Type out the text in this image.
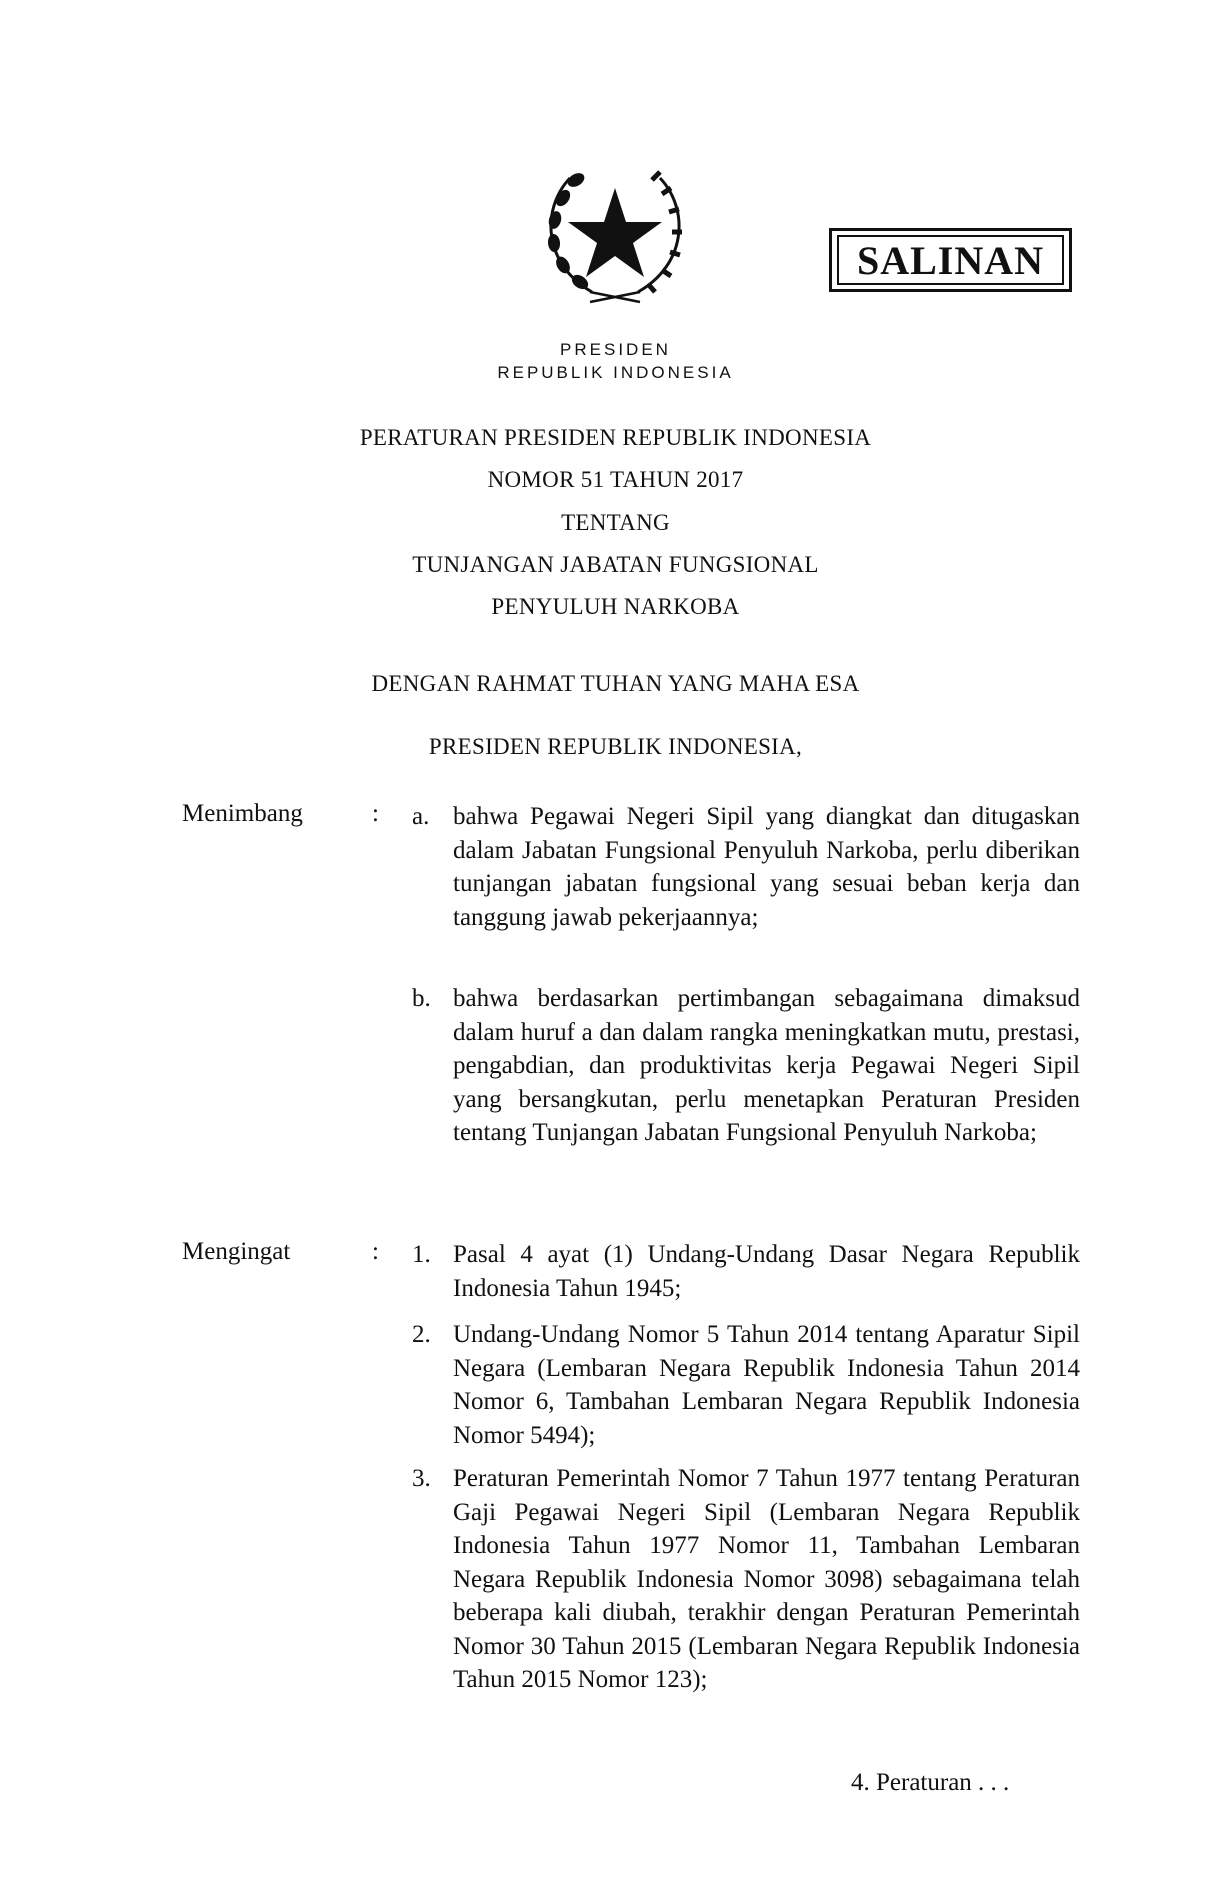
PRESIDEN
REPUBLIK INDONESIA
SALINAN
PERATURAN PRESIDEN REPUBLIK INDONESIA
NOMOR 51 TAHUN 2017
TENTANG
TUNJANGAN JABATAN FUNGSIONAL
PENYULUH NARKOBA
DENGAN RAHMAT TUHAN YANG MAHA ESA
PRESIDEN REPUBLIK INDONESIA,
Menimbang	: a. bahwa Pegawai Negeri Sipil yang diangkat dan ditugaskan dalam Jabatan Fungsional Penyuluh Narkoba, perlu diberikan tunjangan jabatan fungsional yang sesuai beban kerja dan tanggung jawab pekerjaannya;
b. bahwa berdasarkan pertimbangan sebagaimana dimaksud dalam huruf a dan dalam rangka meningkatkan mutu, prestasi, pengabdian, dan produktivitas kerja Pegawai Negeri Sipil yang bersangkutan, perlu menetapkan Peraturan Presiden tentang Tunjangan Jabatan Fungsional Penyuluh Narkoba;
Mengingat	: 1. Pasal 4 ayat (1) Undang-Undang Dasar Negara Republik Indonesia Tahun 1945;
2. Undang-Undang Nomor 5 Tahun 2014 tentang Aparatur Sipil Negara (Lembaran Negara Republik Indonesia Tahun 2014 Nomor 6, Tambahan Lembaran Negara Republik Indonesia Nomor 5494);
3. Peraturan Pemerintah Nomor 7 Tahun 1977 tentang Peraturan Gaji Pegawai Negeri Sipil (Lembaran Negara Republik Indonesia Tahun 1977 Nomor 11, Tambahan Lembaran Negara Republik Indonesia Nomor 3098) sebagaimana telah beberapa kali diubah, terakhir dengan Peraturan Pemerintah Nomor 30 Tahun 2015 (Lembaran Negara Republik Indonesia Tahun 2015 Nomor 123);
4. Peraturan . . .
